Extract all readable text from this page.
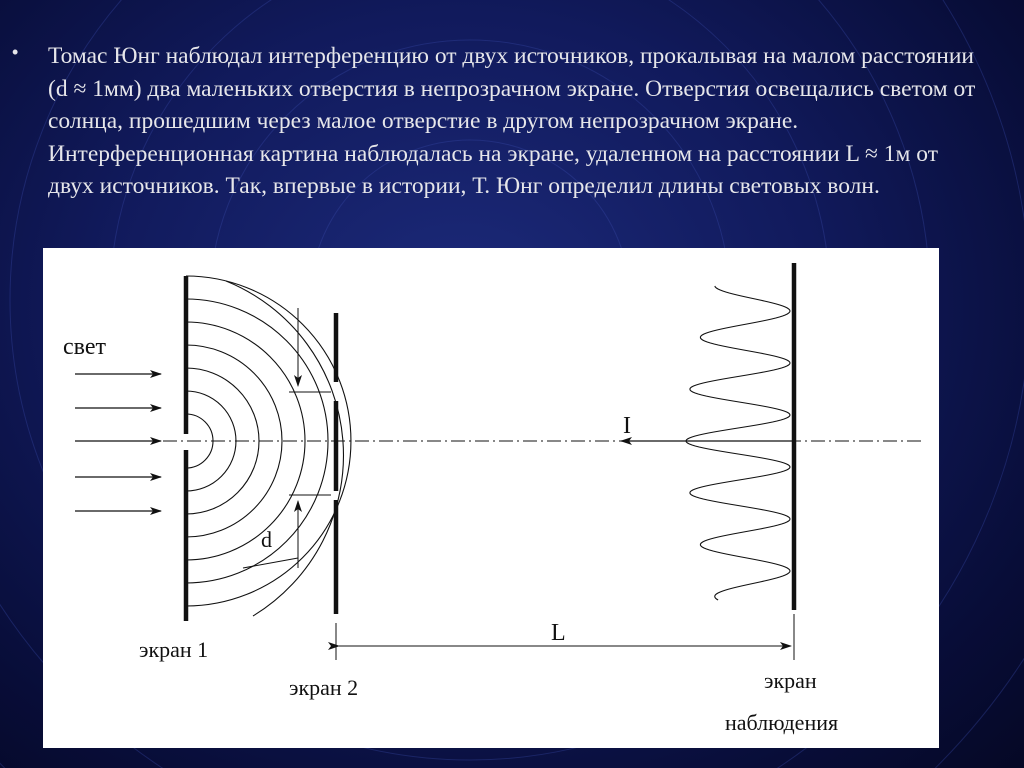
• Томас Юнг наблюдал интерференцию от двух источников, прокалывая на малом расстоянии (d ≈ 1мм) два маленьких отверстия в непрозрачном экране. Отверстия освещались светом от солнца, прошедшим через малое отверстие в другом непрозрачном экране. Интерференционная картина наблюдалась на экране, удаленном на расстоянии L ≈ 1м от двух источников. Так, впервые в истории, Т. Юнг определил длины световых волн.

d
свет
I
L
экран 1
экран 2	экран
наблюдения
